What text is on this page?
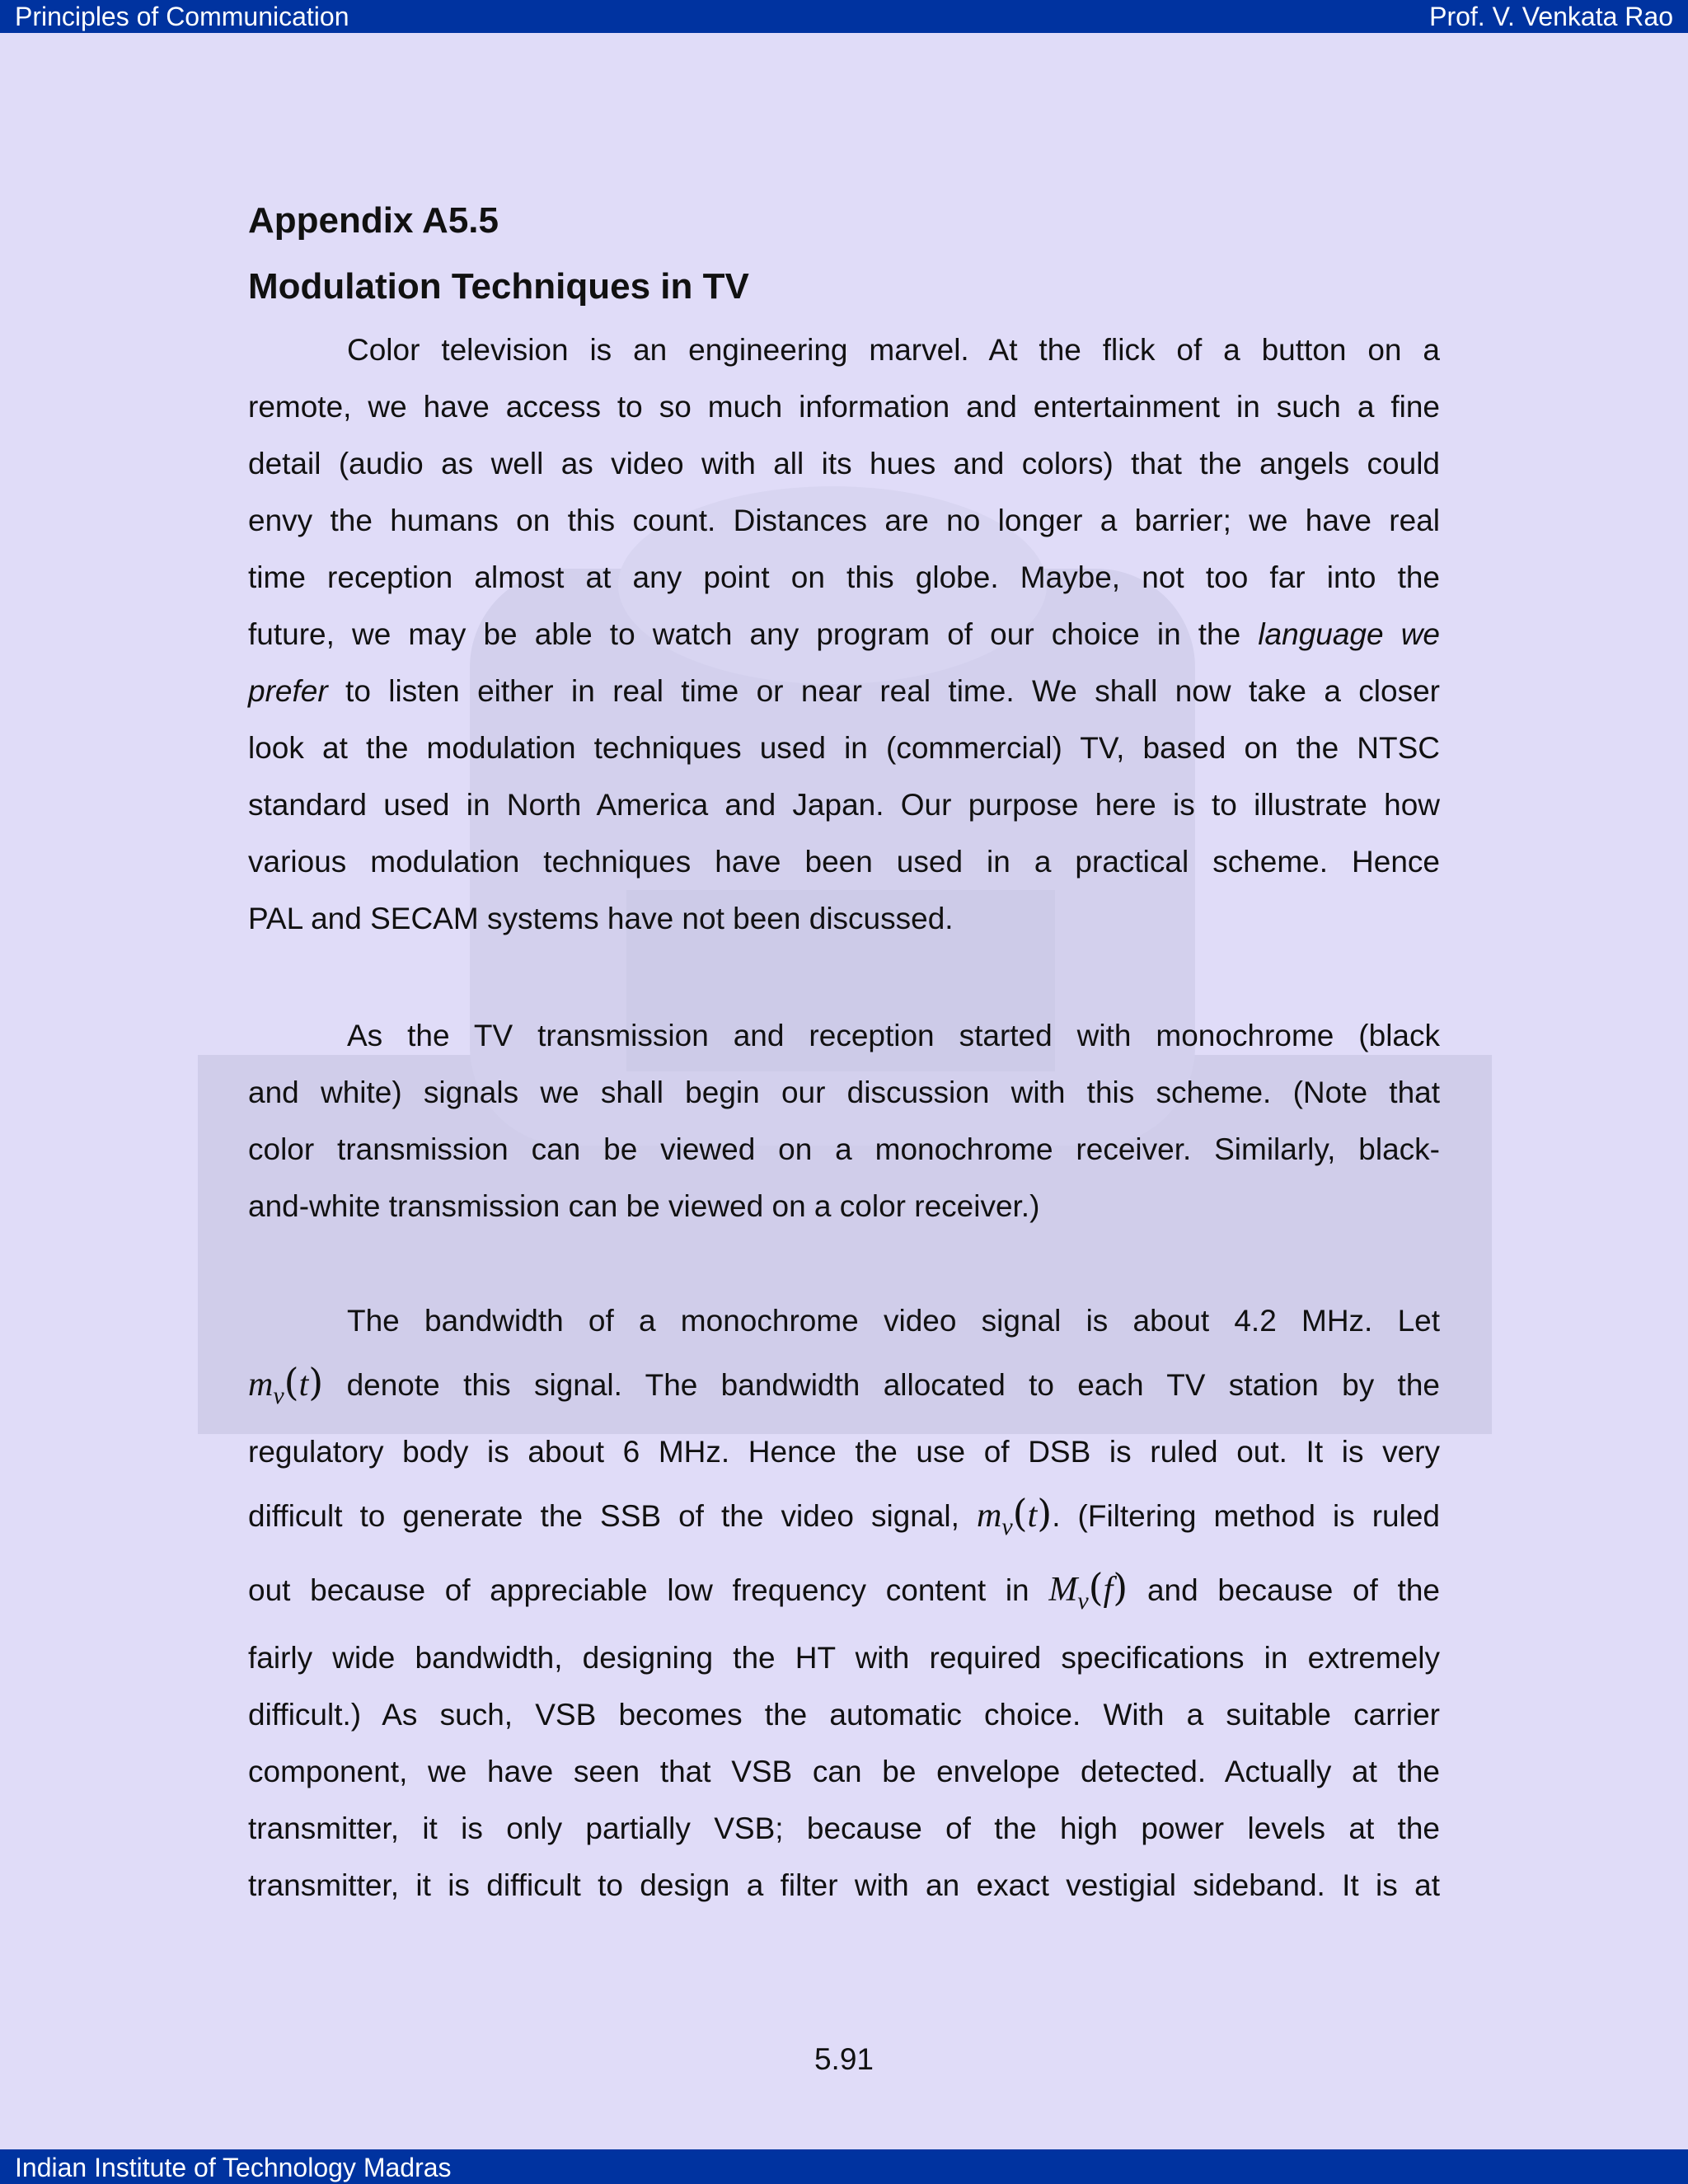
Principles of Communication	Prof. V. Venkata Rao
Appendix A5.5
Modulation Techniques in TV
Color television is an engineering marvel. At the flick of a button on a
remote, we have access to so much information and entertainment in such a fine
detail (audio as well as video with all its hues and colors) that the angels could
envy the humans on this count. Distances are no longer a barrier; we have real
time reception almost at any point on this globe. Maybe, not too far into the
future, we may be able to watch any program of our choice in the language we
prefer to listen either in real time or near real time. We shall now take a closer
look at the modulation techniques used in (commercial) TV, based on the NTSC
standard used in North America and Japan. Our purpose here is to illustrate how
various modulation techniques have been used in a practical scheme. Hence
PAL and SECAM systems have not been discussed.
As the TV transmission and reception started with monochrome (black
and white) signals we shall begin our discussion with this scheme. (Note that
color transmission can be viewed on a monochrome receiver. Similarly, black-
and-white transmission can be viewed on a color receiver.)
The bandwidth of a monochrome video signal is about 4.2 MHz. Let
$m_v(t)$ denote this signal. The bandwidth allocated to each TV station by the
regulatory body is about 6 MHz. Hence the use of DSB is ruled out. It is very
difficult to generate the SSB of the video signal, $m_v(t)$. (Filtering method is ruled
out because of appreciable low frequency content in $M_v(f)$ and because of the
fairly wide bandwidth, designing the HT with required specifications in extremely
difficult.) As such, VSB becomes the automatic choice. With a suitable carrier
component, we have seen that VSB can be envelope detected. Actually at the
transmitter, it is only partially VSB; because of the high power levels at the
transmitter, it is difficult to design a filter with an exact vestigial sideband. It is at
5.91
Indian Institute of Technology Madras
